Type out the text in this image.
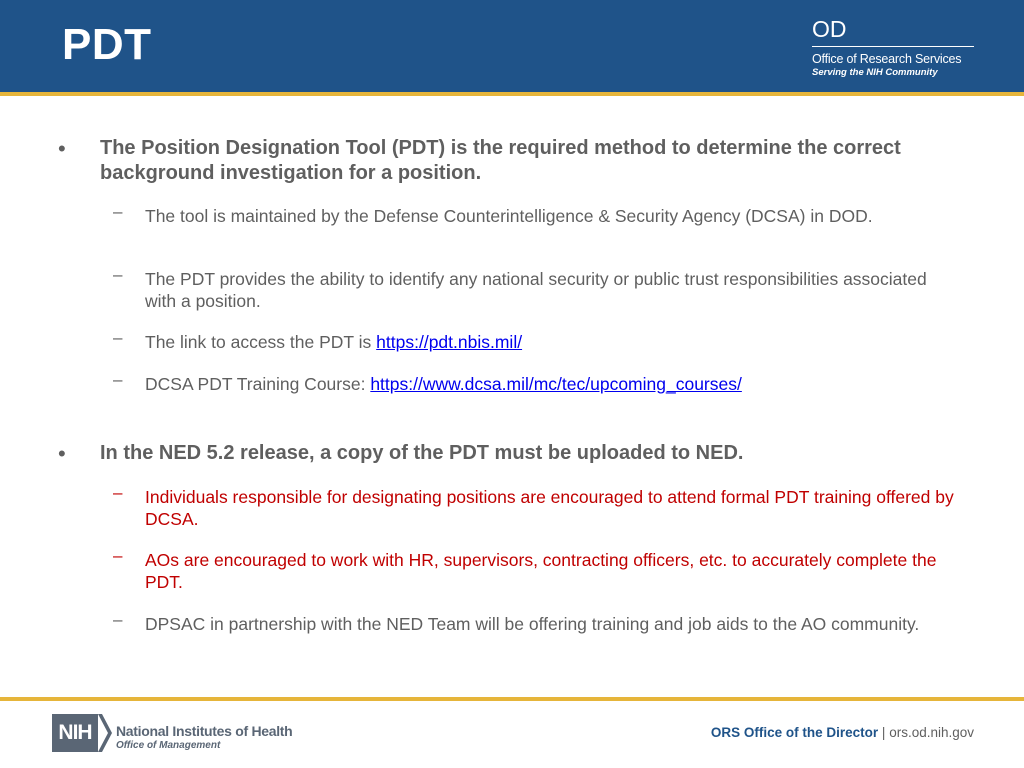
PDT	OD
Office of Research Services
Serving the NIH Community
• The Position Designation Tool (PDT) is the required method to determine the correct background investigation for a position.
– The tool is maintained by the Defense Counterintelligence & Security Agency (DCSA) in DOD.
– The PDT provides the ability to identify any national security or public trust responsibilities associated with a position.
– The link to access the PDT is https://pdt.nbis.mil/
– DCSA PDT Training Course: https://www.dcsa.mil/mc/tec/upcoming_courses/
• In the NED 5.2 release, a copy of the PDT must be uploaded to NED.
– Individuals responsible for designating positions are encouraged to attend formal PDT training offered by DCSA.
– AOs are encouraged to work with HR, supervisors, contracting officers, etc. to accurately complete the PDT.
– DPSAC in partnership with the NED Team will be offering training and job aids to the AO community.
NIH	National Institutes of Health
Office of Management
ORS Office of the Director | ors.od.nih.gov
